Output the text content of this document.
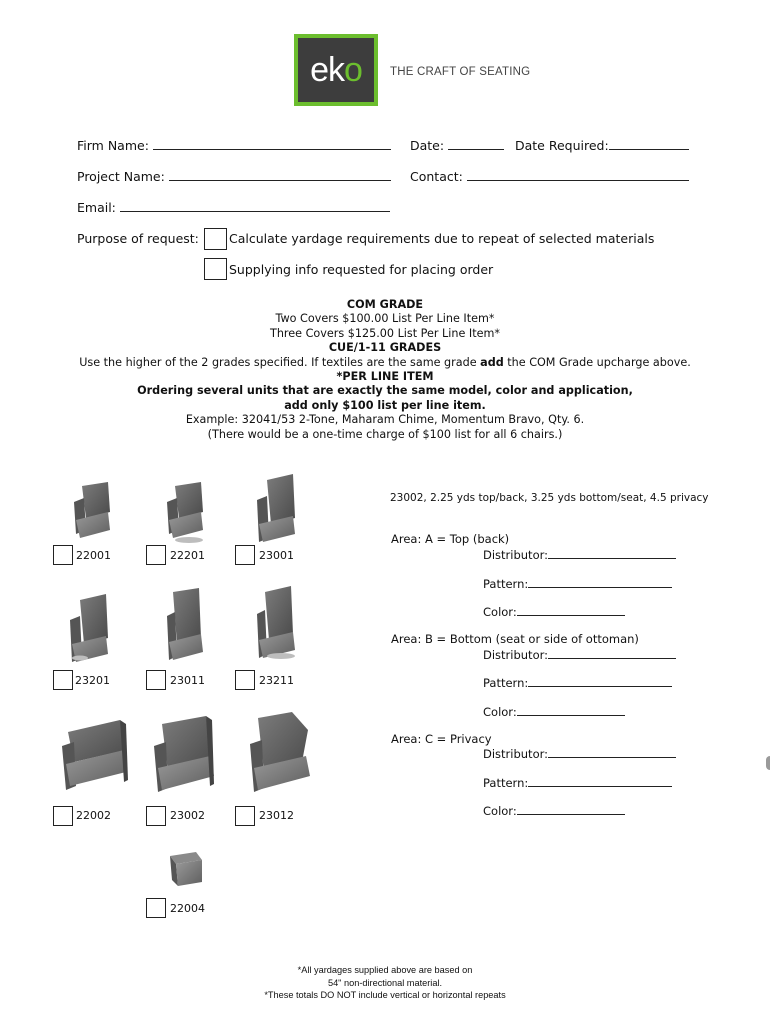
eko THE CRAFT OF SEATING
Firm Name:	Date:	Date Required:
Project Name:	Contact:
Email:
Purpose of request: Calculate yardage requirements due to repeat of selected materials
Supplying info requested for placing order
COM GRADE
Two Covers $100.00 List Per Line Item*
Three Covers $125.00 List Per Line Item*
CUE/1-11 GRADES
Use the higher of the 2 grades specified. If textiles are the same grade add the COM Grade upcharge above.
*PER LINE ITEM
Ordering several units that are exactly the same model, color and application,
add only $100 list per line item.
Example: 32041/53 2-Tone, Maharam Chime, Momentum Bravo, Qty. 6.
(There would be a one-time charge of $100 list for all 6 chairs.)
22001	22201	23001
23201	23011	23211
22002	23002	23012
22004
23002, 2.25 yds top/back, 3.25 yds bottom/seat, 4.5 privacy
Area: A = Top (back)
Distributor:
Pattern:
Color:
Area: B = Bottom (seat or side of ottoman)
Distributor:
Pattern:
Color:
Area: C = Privacy
Distributor:
Pattern:
Color:
*All yardages supplied above are based on
54" non-directional material.
*These totals DO NOT include vertical or horizontal repeats
